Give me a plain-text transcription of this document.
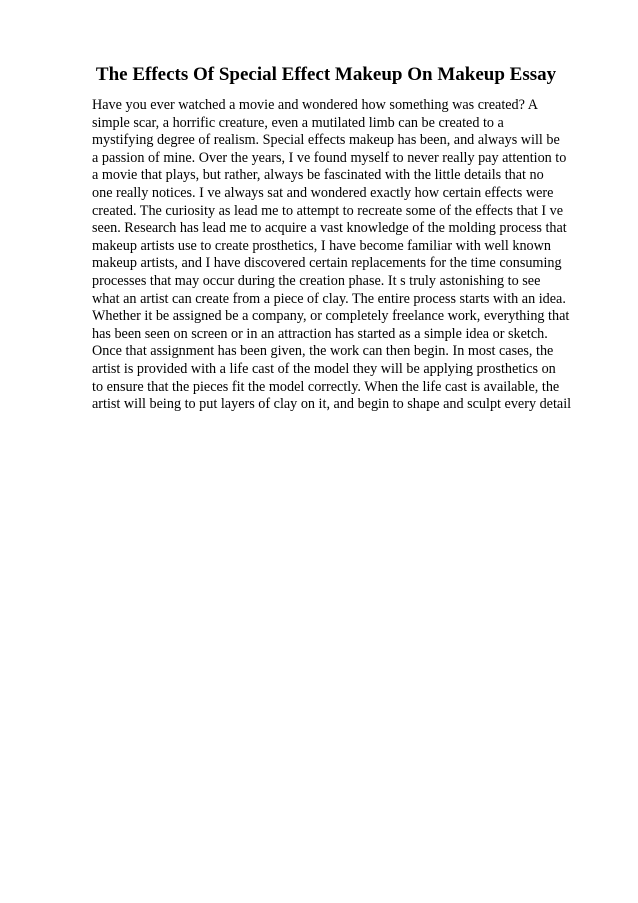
The Effects Of Special Effect Makeup On Makeup Essay
Have you ever watched a movie and wondered how something was created? A
simple scar, a horrific creature, even a mutilated limb can be created to a
mystifying degree of realism. Special effects makeup has been, and always will be
a passion of mine. Over the years, I ve found myself to never really pay attention to
a movie that plays, but rather, always be fascinated with the little details that no
one really notices. I ve always sat and wondered exactly how certain effects were
created. The curiosity as lead me to attempt to recreate some of the effects that I ve
seen. Research has lead me to acquire a vast knowledge of the molding process that
makeup artists use to create prosthetics, I have become familiar with well known
makeup artists, and I have discovered certain replacements for the time consuming
processes that may occur during the creation phase. It s truly astonishing to see
what an artist can create from a piece of clay. The entire process starts with an idea.
Whether it be assigned be a company, or completely freelance work, everything that
has been seen on screen or in an attraction has started as a simple idea or sketch.
Once that assignment has been given, the work can then begin. In most cases, the
artist is provided with a life cast of the model they will be applying prosthetics on
to ensure that the pieces fit the model correctly. When the life cast is available, the
artist will being to put layers of clay on it, and begin to shape and sculpt every detail
